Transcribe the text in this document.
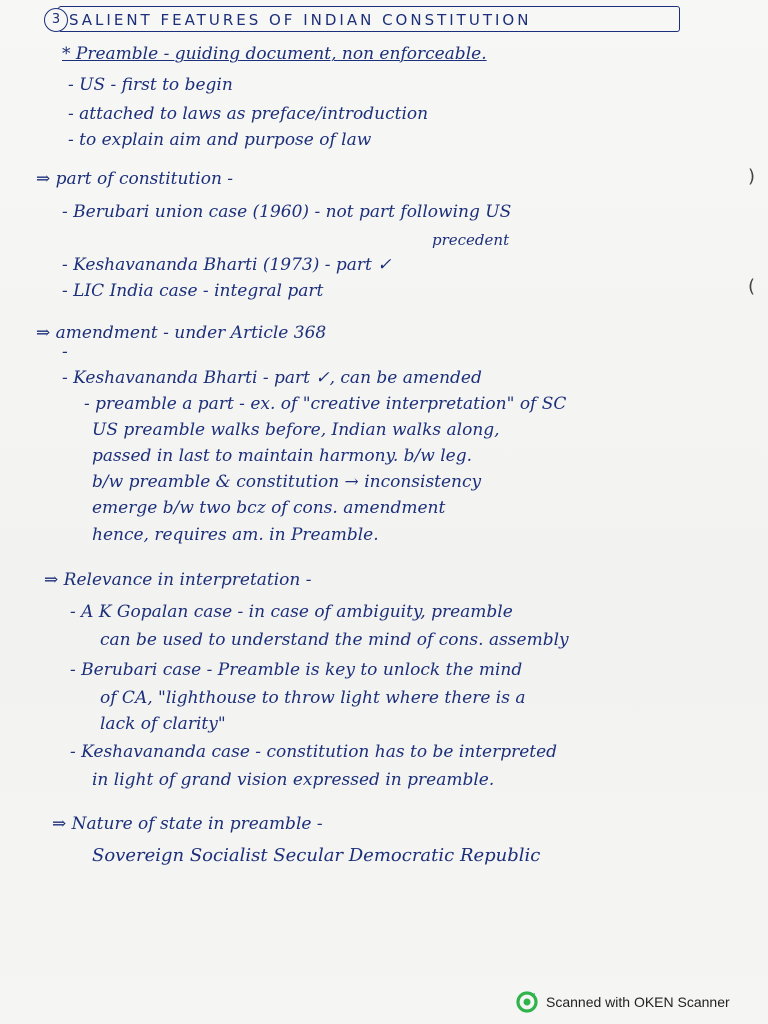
SALIENT FEATURES OF INDIAN CONSTITUTION
3
* Preamble - guiding document, non enforceable.
- US - first to begin
- attached to laws as preface/introduction
- to explain aim and purpose of law
⇒ part of constitution -
- Berubari union case (1960) - not part following US
precedent
- Keshavananda Bharti (1973) - part ✓
- LIC India case - integral part
⇒ amendment - under Article 368
-
- Keshavananda Bharti - part ✓, can be amended
- preamble a part - ex. of "creative interpretation" of SC
US preamble walks before, Indian walks along,
passed in last to maintain harmony. b/w leg.
b/w preamble & constitution → inconsistency
emerge b/w two bcz of cons. amendment
hence, requires am. in Preamble.
⇒ Relevance in interpretation -
- A K Gopalan case - in case of ambiguity, preamble
can be used to understand the mind of cons. assembly
- Berubari case - Preamble is key to unlock the mind
of CA, "lighthouse to throw light where there is a
lack of clarity"
- Keshavananda case - constitution has to be interpreted
in light of grand vision expressed in preamble.
⇒ Nature of state in preamble -
Sovereign Socialist Secular Democratic Republic
)
(
Scanned with OKEN Scanner
